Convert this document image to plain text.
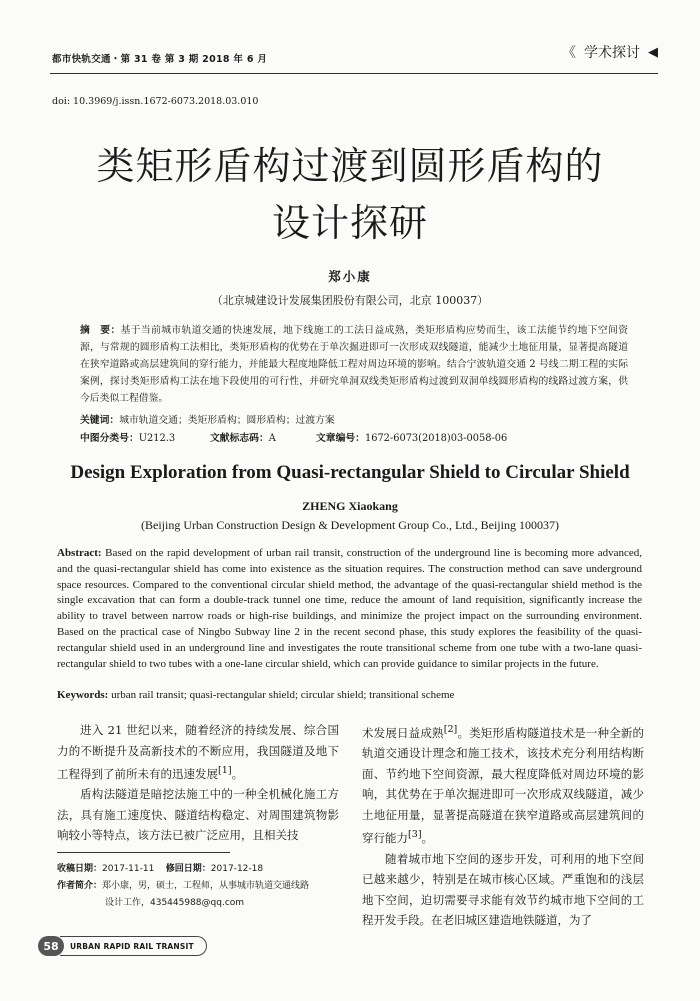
都市快轨交通・第 31 卷 第 3 期 2018 年 6 月	《 学术探讨 ◀
doi: 10.3969/j.issn.1672-6073.2018.03.010
类矩形盾构过渡到圆形盾构的
设计探研
郑小康
（北京城建设计发展集团股份有限公司，北京 100037）
摘　要：基于当前城市轨道交通的快速发展，地下线施工的工法日益成熟，类矩形盾构应势而生，该工法能节约地下空间资源，与常规的圆形盾构工法相比，类矩形盾构的优势在于单次掘进即可一次形成双线隧道，能减少土地征用量，显著提高隧道在狭窄道路或高层建筑间的穿行能力，并能最大程度地降低工程对周边环境的影响。结合宁波轨道交通 2 号线二期工程的实际案例，探讨类矩形盾构工法在地下段使用的可行性，并研究单洞双线类矩形盾构过渡到双洞单线圆形盾构的线路过渡方案，供今后类似工程借鉴。
关键词：城市轨道交通；类矩形盾构；圆形盾构；过渡方案
中图分类号：U212.3	文献标志码：A	文章编号：1672-6073(2018)03-0058-06
Design Exploration from Quasi-rectangular Shield to Circular Shield
ZHENG Xiaokang
(Beijing Urban Construction Design & Development Group Co., Ltd., Beijing 100037)
Abstract: Based on the rapid development of urban rail transit, construction of the underground line is becoming more advanced, and the quasi-rectangular shield has come into existence as the situation requires. The construction method can save underground space resources. Compared to the conventional circular shield method, the advantage of the quasi-rectangular shield method is the single excavation that can form a double-track tunnel one time, reduce the amount of land requisition, significantly increase the ability to travel between narrow roads or high-rise buildings, and minimize the project impact on the surrounding environment. Based on the practical case of Ningbo Subway line 2 in the recent second phase, this study explores the feasibility of the quasi-rectangular shield used in an underground line and investigates the route transitional scheme from one tube with a two-lane quasi-rectangular shield to two tubes with a one-lane circular shield, which can provide guidance to similar projects in the future.
Keywords: urban rail transit; quasi-rectangular shield; circular shield; transitional scheme

进入 21 世纪以来，随着经济的持续发展、综合国力的不断提升及高新技术的不断应用，我国隧道及地下工程得到了前所未有的迅速发展[1]。

盾构法隧道是暗挖法施工中的一种全机械化施工方法，具有施工速度快、隧道结构稳定、对周围建筑物影响较小等特点，该方法已被广泛应用，且相关技

术发展日益成熟[2]。类矩形盾构隧道技术是一种全新的轨道交通设计理念和施工技术，该技术充分利用结构断面、节约地下空间资源，最大程度降低对周边环境的影响，其优势在于单次掘进即可一次形成双线隧道，减少土地征用量，显著提高隧道在狭窄道路或高层建筑间的穿行能力[3]。

随着城市地下空间的逐步开发，可利用的地下空间已越来越少，特别是在城市核心区域。严重饱和的浅层地下空间，迫切需要寻求能有效节约城市地下空间的工程开发手段。在老旧城区建造地铁隧道，为了

收稿日期：2017-11-11 修回日期：2017-12-18
作者简介：郑小康，男，硕士，工程师，从事城市轨道交通线路
设计工作，435445988@qq.com
58	URBAN RAPID RAIL TRANSIT
